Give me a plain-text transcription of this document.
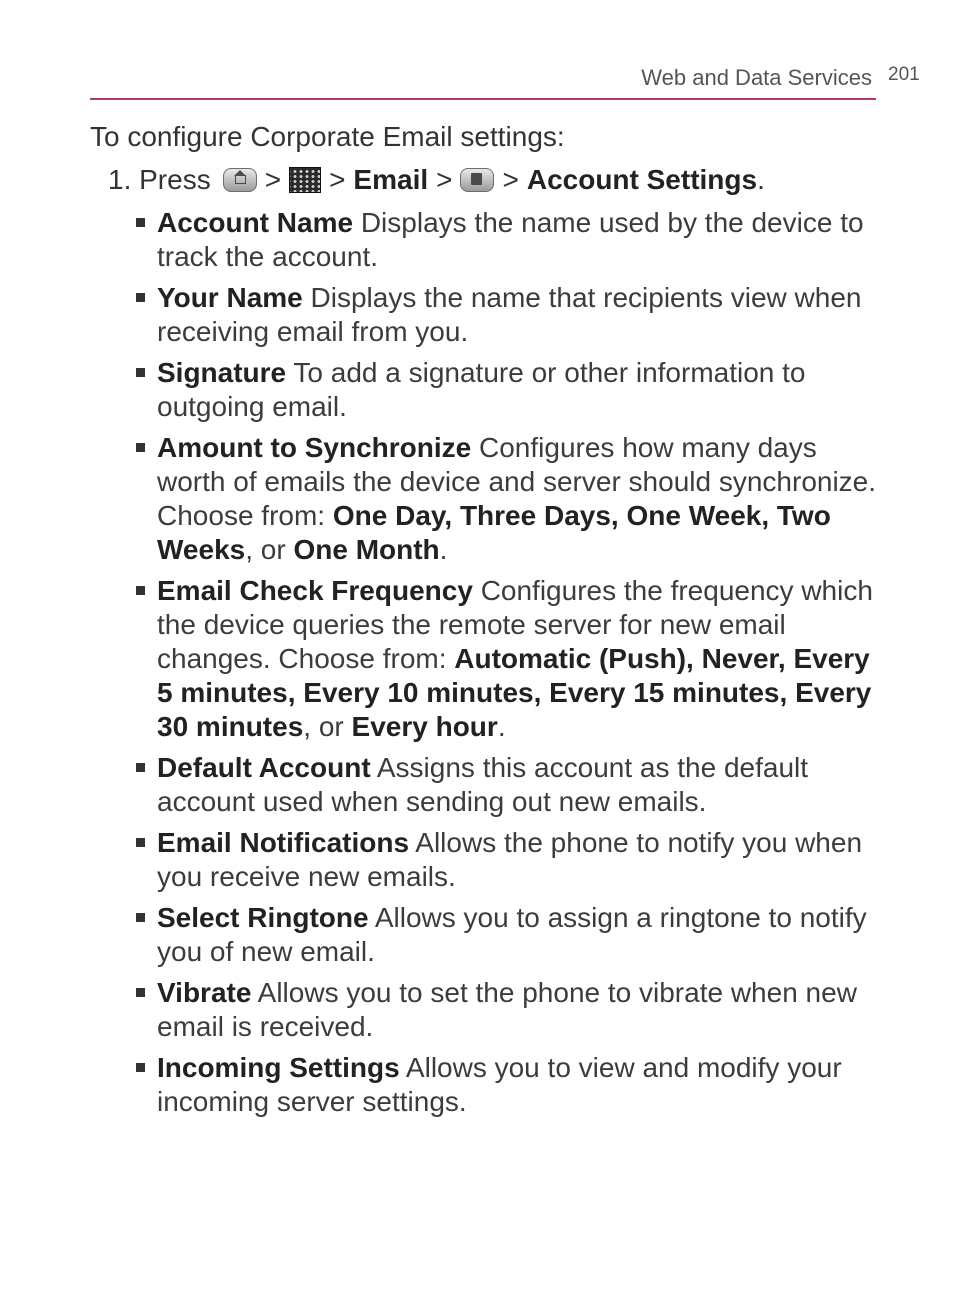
Web and Data Services 201
To configure Corporate Email settings:
1. Press > > Email > > Account Settings .
Account Name Displays the name used by the device to track the account.
Your Name Displays the name that recipients view when receiving email from you.
Signature To add a signature or other information to outgoing email.
Amount to Synchronize Configures how many days worth of emails the device and server should synchronize. Choose from: One Day, Three Days, One Week, Two Weeks, or One Month.
Email Check Frequency Configures the frequency which the device queries the remote server for new email changes. Choose from: Automatic (Push), Never, Every 5 minutes, Every 10 minutes, Every 15 minutes, Every 30 minutes, or Every hour.
Default Account Assigns this account as the default account used when sending out new emails.
Email Notifications Allows the phone to notify you when you receive new emails.
Select Ringtone Allows you to assign a ringtone to notify you of new email.
Vibrate Allows you to set the phone to vibrate when new email is received.
Incoming Settings Allows you to view and modify your incoming server settings.
